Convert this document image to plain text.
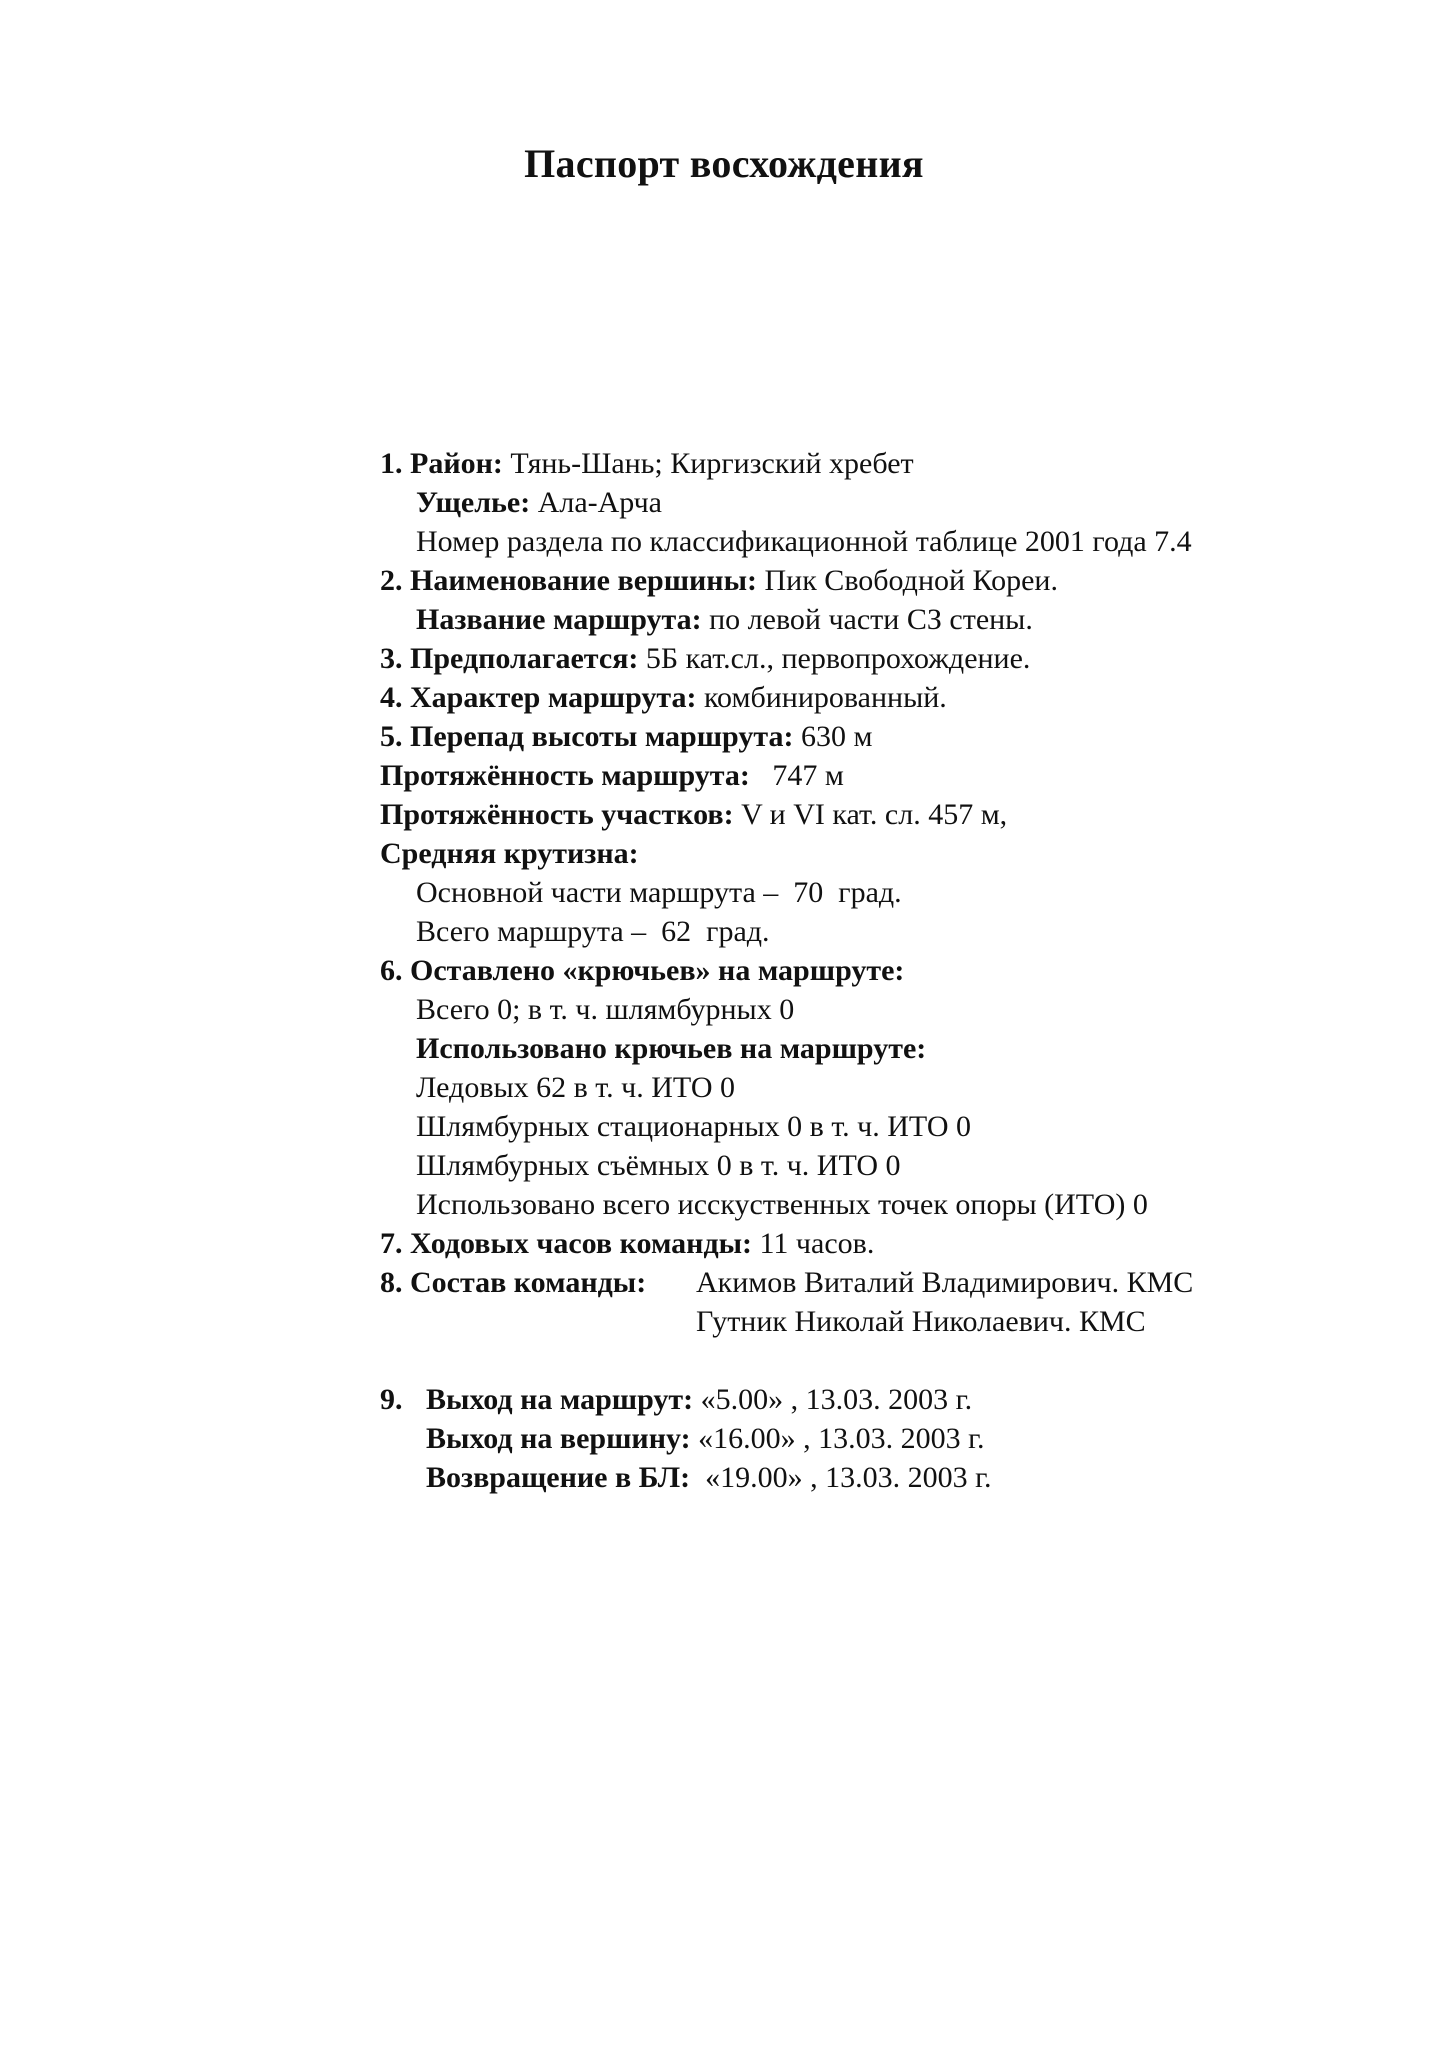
Паспорт восхождения
1. Район: Тянь-Шань; Киргизский хребет
Ущелье: Ала-Арча
Номер раздела по классификационной таблице 2001 года 7.4
2. Наименование вершины: Пик Свободной Кореи.
Название маршрута: по левой части СЗ стены.
3. Предполагается: 5Б кат.сл., первопрохождение.
4. Характер маршрута: комбинированный.
5. Перепад высоты маршрута: 630 м
Протяжённость маршрута:   747 м
Протяжённость участков: V и VI кат. сл. 457 м,
Средняя крутизна:
Основной части маршрута –  70  град.
Всего маршрута –  62  град.
6. Оставлено «крючьев» на маршруте:
Всего 0; в т. ч. шлямбурных 0
Использовано крючьев на маршруте:
Ледовых 62 в т. ч. ИТО 0
Шлямбурных стационарных 0 в т. ч. ИТО 0
Шлямбурных съёмных 0 в т. ч. ИТО 0
Использовано всего исскуственных точек опоры (ИТО) 0
7. Ходовых часов команды: 11 часов.
8. Состав команды: Акимов Виталий Владимирович. КМС
Гутник Николай Николаевич. КМС
9. Выход на маршрут: «5.00» , 13.03. 2003 г.
Выход на вершину: «16.00» , 13.03. 2003 г.
Возвращение в БЛ:  «19.00» , 13.03. 2003 г.
